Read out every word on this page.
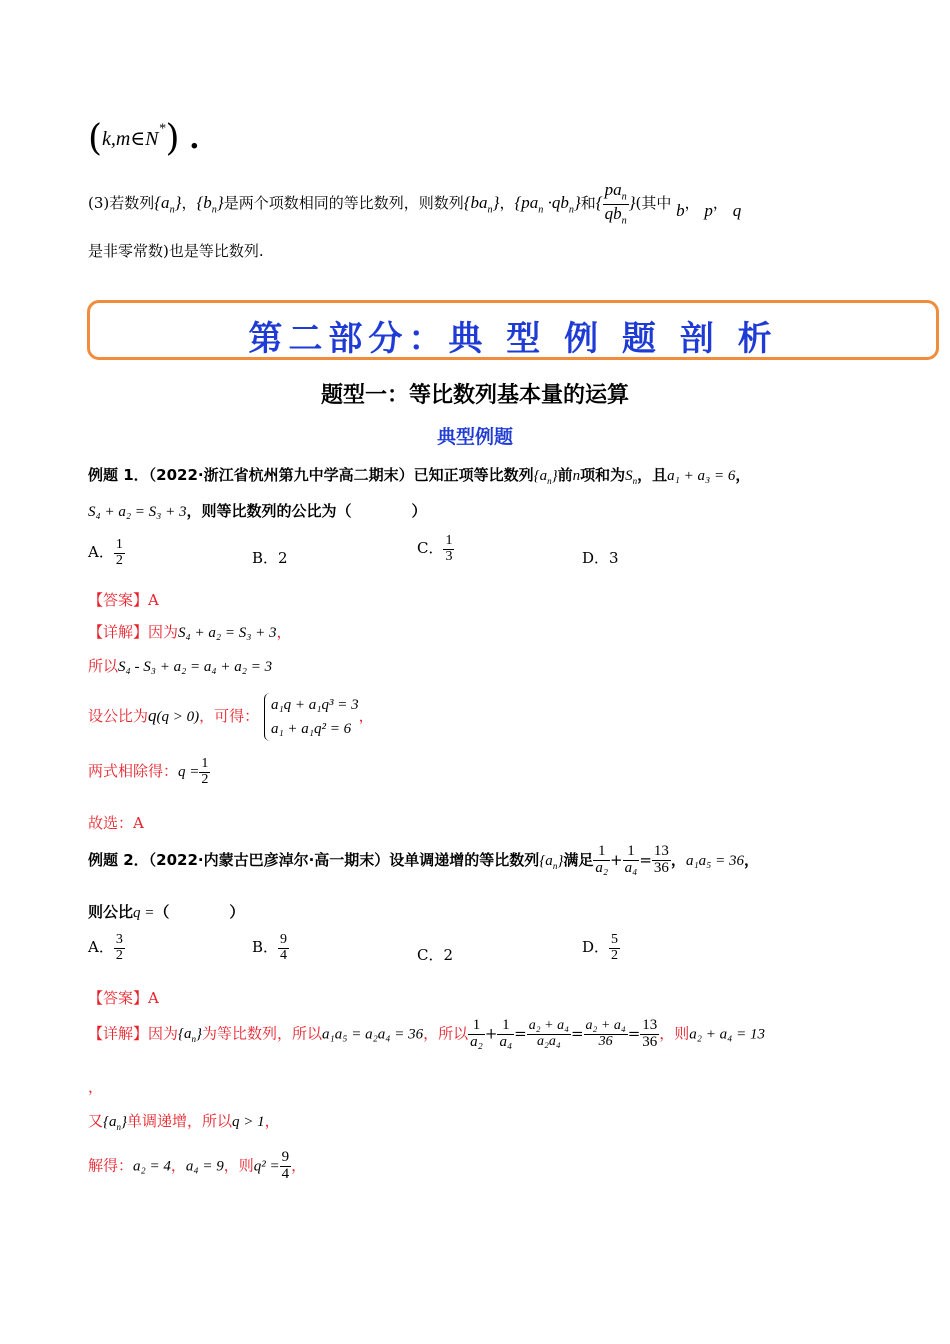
(k,m∈N*) .
(3)若数列$\{a_n\}$，$\{b_n\}$是两个项数相同的等比数列，则数列$\{ba_n\}$，$\{pa_n \cdot qb_n\}$和{ $\frac{pa_n}{qb_n}$ }(其中 b， p， q
是非零常数)也是等比数列.
第二部分：典 型 例 题 剖 析
题型一：等比数列基本量的运算
典型例题
例题 1．（2022·浙江省杭州第九中学高二期末）已知正项等比数列$\{a_n\}$前n项和为$S_n$，且a₁ + a₃ = 6，
S₄ + a₂ = S₃ + 3，则等比数列的公比为（　　　　）
A． $\frac{1}{2}$	B．2
C． $\frac{1}{3}$	D．3
【答案】A
【详解】因为S₄ + a₂ = S₃ + 3，
所以S₄ - S₃ + a₂ = a₄ + a₂ = 3
设公比为q(q > 0)，可得：
a₁q + a₁q³ = 3
a₁ + a₁q² = 6
，
两式相除得：$q = \frac{1}{2}$
故选：A
例题 2．（2022·内蒙古巴彦淖尔·高一期末）设单调递增的等比数列$\{a_n\}$满足 $\frac{1}{\text{a₂}} + \frac{1}{\text{a₄}} = \frac{13}{36}$ ，a₁a₅ = 36，
则公比q =（　　　　）
A． $\frac{3}{2}$	B． $\frac{9}{4}$	C．2	D． $\frac{5}{2}$
【答案】A
【详解】因为$\{a_n\}$为等比数列，所以a₁a₅ = a₂a₄ = 36，所以 $\frac{1}{\text{a₂}} + \frac{1}{\text{a₄}} = \frac{\text{a₂ + a₄}}{\text{a₂a₄}} = \frac{\text{a₂ + a₄}}{36} = \frac{13}{36}$ ，则a₂ + a₄ = 13
，
又$\{a_n\}$单调递增，所以q > 1，
解得：a₂ = 4，a₄ = 9，则$q^2 = \frac{9}{4}$ ，
